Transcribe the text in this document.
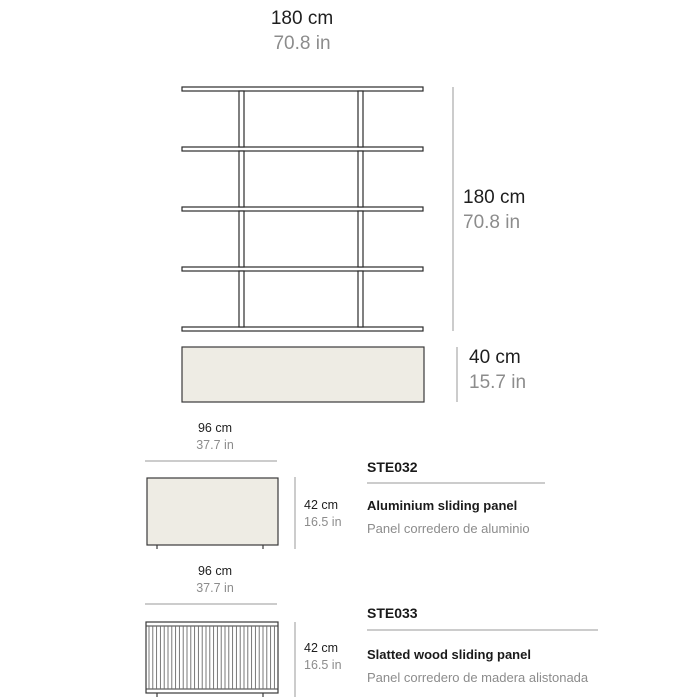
180 cm
70.8 in
180 cm
70.8 in
40 cm
15.7 in
96 cm
37.7 in
42 cm
16.5 in
STE032
Aluminium sliding panel
Panel corredero de aluminio
96 cm
37.7 in
42 cm
16.5 in
STE033
Slatted wood sliding panel
Panel corredero de madera alistonada
